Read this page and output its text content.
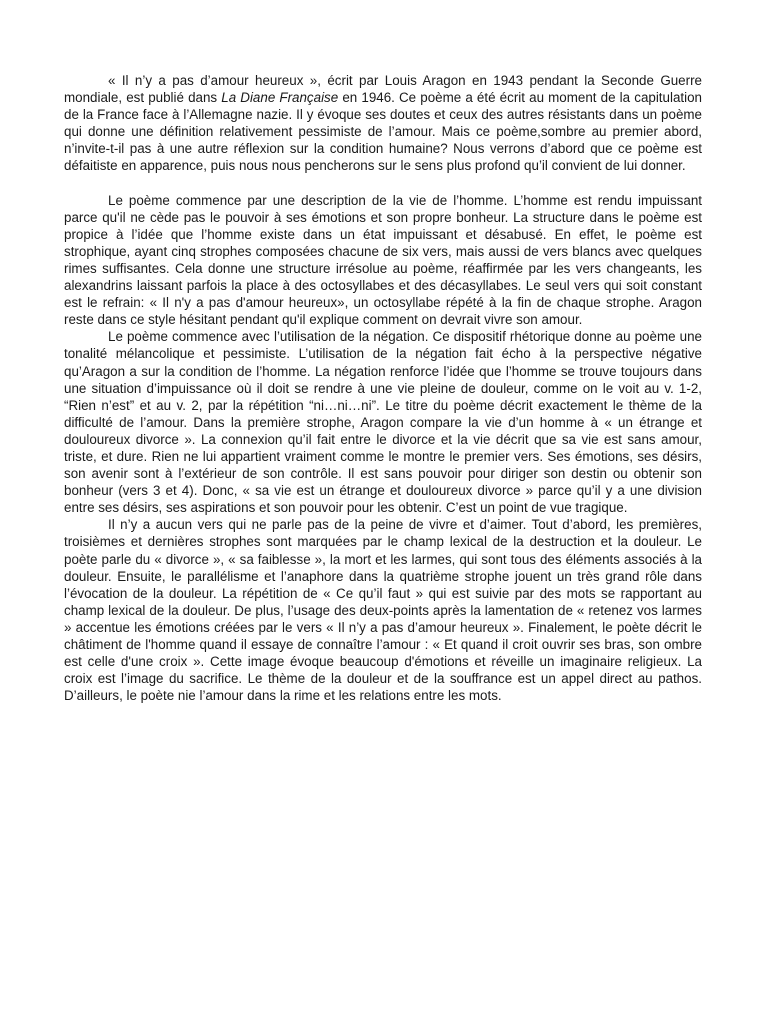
« Il n’y a pas d’amour heureux », écrit par Louis Aragon en 1943 pendant la Seconde Guerre mondiale, est publié dans La Diane Française en 1946. Ce poème a été écrit au moment de la capitulation de la France face à l’Allemagne nazie. Il y évoque ses doutes et ceux des autres résistants dans un poème qui donne une définition relativement pessimiste de l’amour. Mais ce poème,sombre au premier abord, n’invite-t-il pas à une autre réflexion sur la condition humaine? Nous verrons d’abord que ce poème est défaitiste en apparence, puis nous nous pencherons sur le sens plus profond qu’il convient de lui donner.

Le poème commence par une description de la vie de l’homme. L’homme est rendu impuissant parce qu'il ne cède pas le pouvoir à ses émotions et son propre bonheur. La structure dans le poème est propice à l’idée que l’homme existe dans un état impuissant et désabusé. En effet, le poème est strophique, ayant cinq strophes composées chacune de six vers, mais aussi de vers blancs avec quelques rimes suffisantes. Cela donne une structure irrésolue au poème, réaffirmée par les vers changeants, les alexandrins laissant parfois la place à des octosyllabes et des décasyllabes. Le seul vers qui soit constant est le refrain: « Il n'y a pas d'amour heureux», un octosyllabe répété à la fin de chaque strophe. Aragon reste dans ce style hésitant pendant qu'il explique comment on devrait vivre son amour.

Le poème commence avec l’utilisation de la négation. Ce dispositif rhétorique donne au poème une tonalité mélancolique et pessimiste. L’utilisation de la négation fait écho à la perspective négative qu’Aragon a sur la condition de l’homme. La négation renforce l’idée que l’homme se trouve toujours dans une situation d’impuissance où il doit se rendre à une vie pleine de douleur, comme on le voit au v. 1-2, “Rien n’est” et au v. 2, par la répétition “ni…ni…ni”. Le titre du poème décrit exactement le thème de la difficulté de l’amour. Dans la première strophe, Aragon compare la vie d’un homme à « un étrange et douloureux divorce ». La connexion qu’il fait entre le divorce et la vie décrit que sa vie est sans amour, triste, et dure. Rien ne lui appartient vraiment comme le montre le premier vers. Ses émotions, ses désirs, son avenir sont à l’extérieur de son contrôle. Il est sans pouvoir pour diriger son destin ou obtenir son bonheur (vers 3 et 4). Donc, « sa vie est un étrange et douloureux divorce » parce qu’il y a une division entre ses désirs, ses aspirations et son pouvoir pour les obtenir. C’est un point de vue tragique.

Il n’y a aucun vers qui ne parle pas de la peine de vivre et d’aimer. Tout d’abord, les premières, troisièmes et dernières strophes sont marquées par le champ lexical de la destruction et la douleur. Le poète parle du « divorce », « sa faiblesse », la mort et les larmes, qui sont tous des éléments associés à la douleur. Ensuite, le parallélisme et l’anaphore dans la quatrième strophe jouent un très grand rôle dans l’évocation de la douleur. La répétition de « Ce qu’il faut » qui est suivie par des mots se rapportant au champ lexical de la douleur. De plus, l’usage des deux-points après la lamentation de « retenez vos larmes » accentue les émotions créées par le vers « Il n’y a pas d’amour heureux ». Finalement, le poète décrit le châtiment de l'homme quand il essaye de connaître l’amour : « Et quand il croit ouvrir ses bras, son ombre est celle d'une croix ». Cette image évoque beaucoup d'émotions et réveille un imaginaire religieux. La croix est l’image du sacrifice. Le thème de la douleur et de la souffrance est un appel direct au pathos. D’ailleurs, le poète nie l’amour dans la rime et les relations entre les mots.
